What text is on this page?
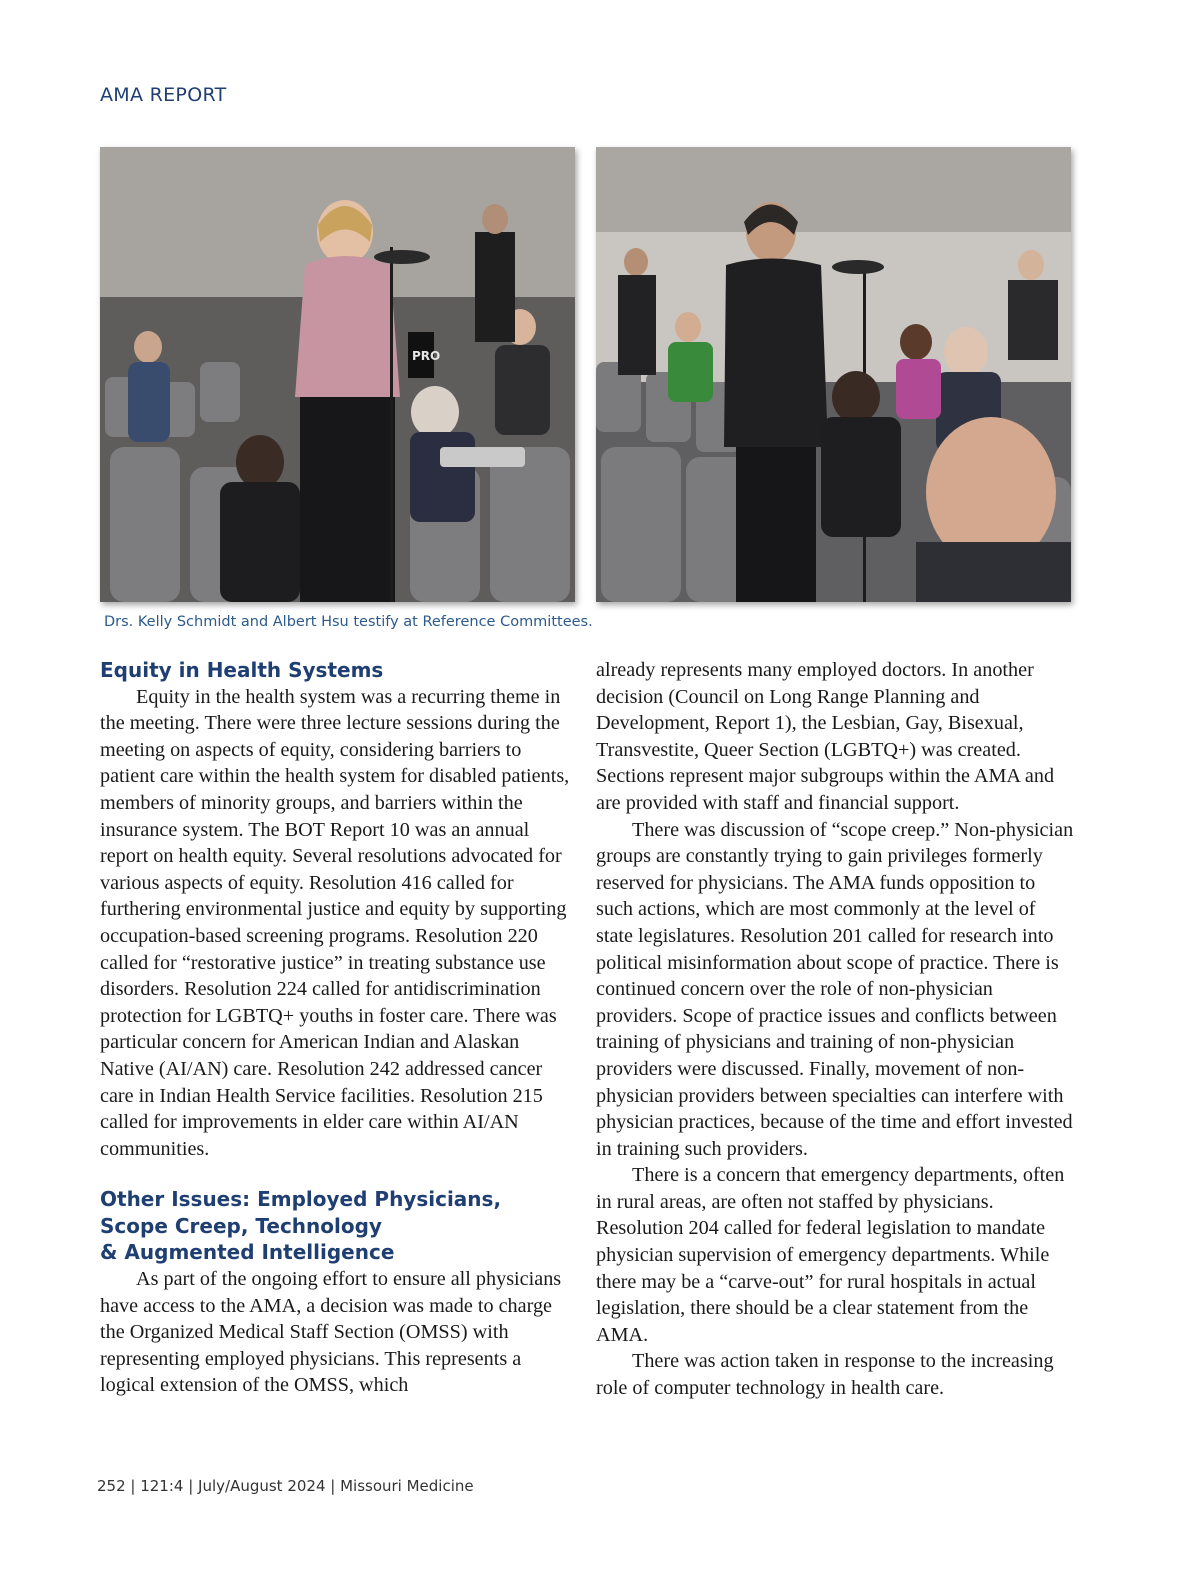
AMA REPORT
PRO
Drs. Kelly Schmidt and Albert Hsu testify at Reference Committees.
Equity in Health Systems

Equity in the health system was a recurring theme in the meeting. There were three lecture sessions during the meeting on aspects of equity, considering barriers to patient care within the health system for disabled patients, members of minority groups, and barriers within the insurance system. The BOT Report 10 was an annual report on health equity. Several resolutions advocated for various aspects of equity. Resolution 416 called for furthering environmental justice and equity by supporting occupation-based screening programs. Resolution 220 called for “restorative justice” in treating substance use disorders. Resolution 224 called for antidiscrimination protection for LGBTQ+ youths in foster care. There was particular concern for American Indian and Alaskan Native (AI/AN) care. Resolution 242 addressed cancer care in Indian Health Service facilities. Resolution 215 called for improvements in elder care within AI/AN communities.

Other Issues: Employed Physicians,
Scope Creep, Technology
& Augmented Intelligence

As part of the ongoing effort to ensure all physicians have access to the AMA, a decision was made to charge the Organized Medical Staff Section (OMSS) with representing employed physicians. This represents a logical extension of the OMSS, which

already represents many employed doctors. In another decision (Council on Long Range Planning and Development, Report 1), the Lesbian, Gay, Bisexual, Transvestite, Queer Section (LGBTQ+) was created. Sections represent major subgroups within the AMA and are provided with staff and financial support.

There was discussion of “scope creep.” Non-physician groups are constantly trying to gain privileges formerly reserved for physicians. The AMA funds opposition to such actions, which are most commonly at the level of state legislatures. Resolution 201 called for research into political misinformation about scope of practice. There is continued concern over the role of non-physician providers. Scope of practice issues and conflicts between training of physicians and training of non-physician providers were discussed. Finally, movement of non-physician providers between specialties can interfere with physician practices, because of the time and effort invested in training such providers.

There is a concern that emergency departments, often in rural areas, are often not staffed by physicians. Resolution 204 called for federal legislation to mandate physician supervision of emergency departments. While there may be a “carve-out” for rural hospitals in actual legislation, there should be a clear statement from the AMA.

There was action taken in response to the increasing role of computer technology in health care.

252 | 121:4 | July/August 2024 | Missouri Medicine
